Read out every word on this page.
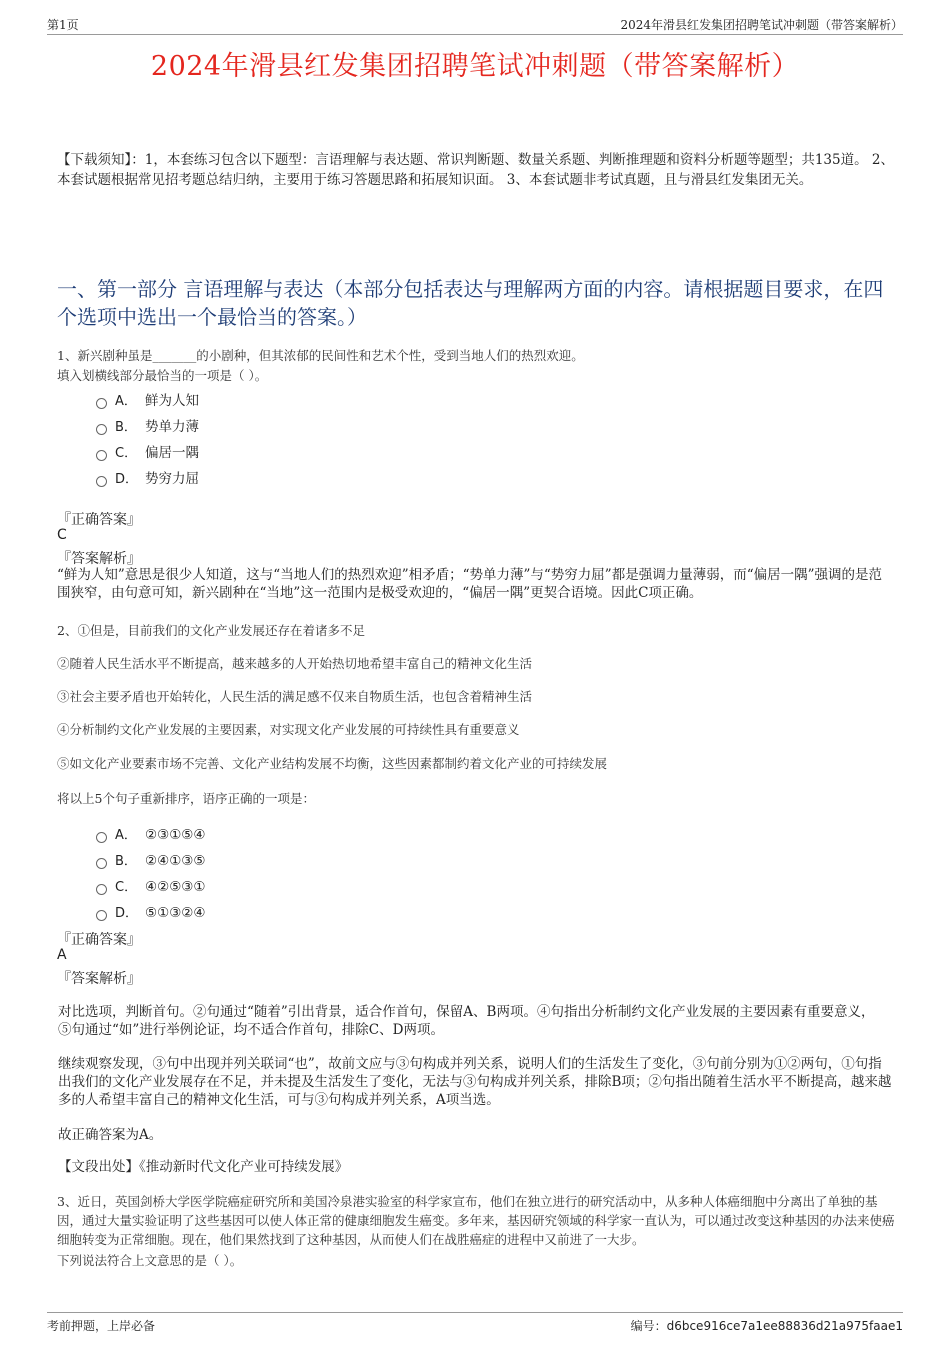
第1页	2024年滑县红发集团招聘笔试冲刺题（带答案解析）
2024年滑县红发集团招聘笔试冲刺题（带答案解析）
【下载须知】：1，本套练习包含以下题型：言语理解与表达题、常识判断题、数量关系题、判断推理题和资料分析题等题型；共135道。 2、本套试题根据常见招考题总结归纳，主要用于练习答题思路和拓展知识面。 3、本套试题非考试真题，且与滑县红发集团无关。
一、第一部分 言语理解与表达（本部分包括表达与理解两方面的内容。请根据题目要求，在四个选项中选出一个最恰当的答案。）
1、新兴剧种虽是_______的小剧种，但其浓郁的民间性和艺术个性，受到当地人们的热烈欢迎。
填入划横线部分最恰当的一项是（ ）。
A． 鲜为人知
B． 势单力薄
C． 偏居一隅
D． 势穷力屈
『正确答案』
C
『答案解析』
“鲜为人知”意思是很少人知道，这与“当地人们的热烈欢迎”相矛盾；“势单力薄”与“势穷力屈”都是强调力量薄弱，而“偏居一隅”强调的是范围狭窄，由句意可知，新兴剧种在“当地”这一范围内是极受欢迎的，“偏居一隅”更契合语境。因此C项正确。
2、①但是，目前我们的文化产业发展还存在着诸多不足
②随着人民生活水平不断提高，越来越多的人开始热切地希望丰富自己的精神文化生活
③社会主要矛盾也开始转化，人民生活的满足感不仅来自物质生活，也包含着精神生活
④分析制约文化产业发展的主要因素，对实现文化产业发展的可持续性具有重要意义
⑤如文化产业要素市场不完善、文化产业结构发展不均衡，这些因素都制约着文化产业的可持续发展
将以上5个句子重新排序，语序正确的一项是：
A． ②③①⑤④
B． ②④①③⑤
C． ④②⑤③①
D． ⑤①③②④
『正确答案』
A
『答案解析』
对比选项，判断首句。②句通过“随着”引出背景，适合作首句，保留A、B两项。④句指出分析制约文化产业发展的主要因素有重要意义，⑤句通过“如”进行举例论证，均不适合作首句，排除C、D两项。
继续观察发现，③句中出现并列关联词“也”，故前文应与③句构成并列关系，说明人们的生活发生了变化，③句前分别为①②两句，①句指出我们的文化产业发展存在不足，并未提及生活发生了变化，无法与③句构成并列关系，排除B项；②句指出随着生活水平不断提高，越来越多的人希望丰富自己的精神文化生活，可与③句构成并列关系，A项当选。
故正确答案为A。
【文段出处】《推动新时代文化产业可持续发展》
3、近日，英国剑桥大学医学院癌症研究所和美国冷泉港实验室的科学家宣布，他们在独立进行的研究活动中，从多种人体癌细胞中分离出了单独的基因，通过大量实验证明了这些基因可以使人体正常的健康细胞发生癌变。多年来，基因研究领域的科学家一直认为，可以通过改变这种基因的办法来使癌细胞转变为正常细胞。现在，他们果然找到了这种基因，从而使人们在战胜癌症的进程中又前进了一大步。
下列说法符合上文意思的是（ ）。
考前押题，上岸必备	编号：d6bce916ce7a1ee88836d21a975faae1
